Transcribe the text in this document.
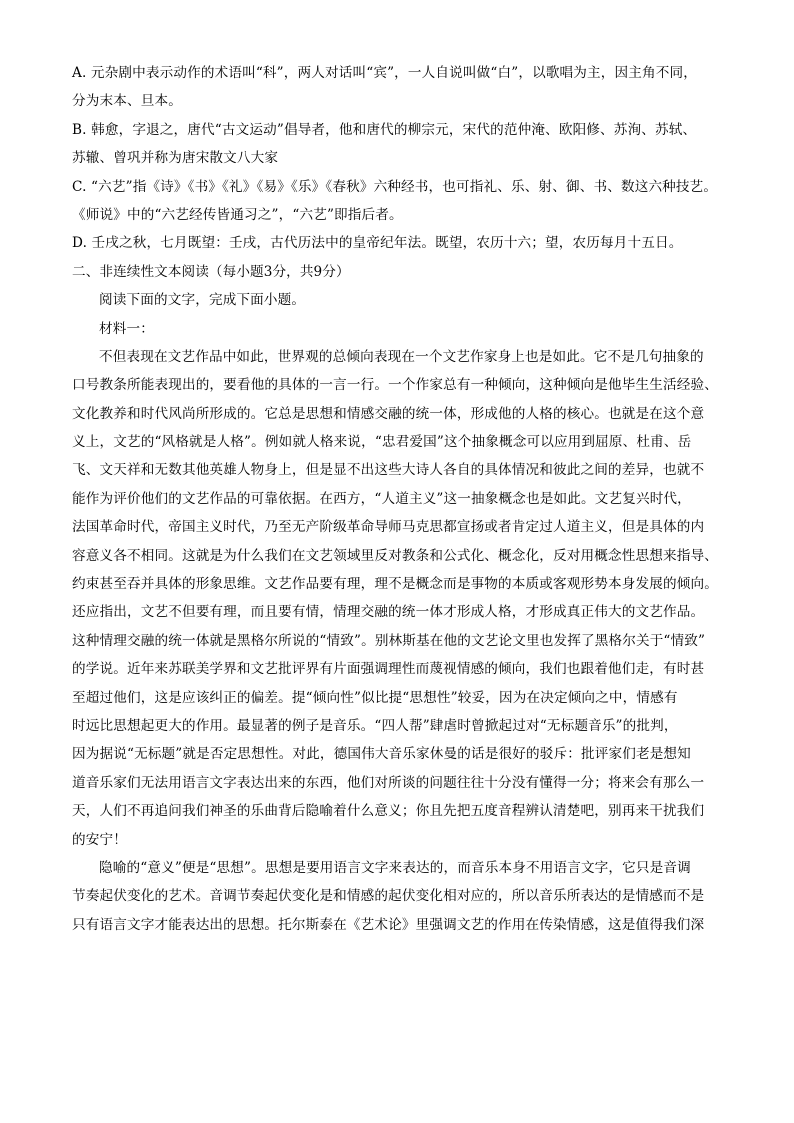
A. 元杂剧中表示动作的术语叫“科”，两人对话叫“宾”，一人自说叫做“白”，以歌唱为主，因主角不同，
分为末本、旦本。
B. 韩愈，字退之，唐代“古文运动”倡导者，他和唐代的柳宗元，宋代的范仲淹、欧阳修、苏洵、苏轼、
苏辙、曾巩并称为唐宋散文八大家
C. “六艺”指《诗》《书》《礼》《易》《乐》《春秋》六种经书，也可指礼、乐、射、御、书、数这六种技艺。
《师说》中的“六艺经传皆通习之”，“六艺”即指后者。
D. 壬戌之秋，七月既望：壬戌，古代历法中的皇帝纪年法。既望，农历十六；望，农历每月十五日。
二、非连续性文本阅读（每小题3分，共9分）
阅读下面的文字，完成下面小题。
材料一：
不但表现在文艺作品中如此，世界观的总倾向表现在一个文艺作家身上也是如此。它不是几句抽象的
口号教条所能表现出的，要看他的具体的一言一行。一个作家总有一种倾向，这种倾向是他毕生生活经验、
文化教养和时代风尚所形成的。它总是思想和情感交融的统一体，形成他的人格的核心。也就是在这个意
义上，文艺的“风格就是人格”。例如就人格来说，“忠君爱国”这个抽象概念可以应用到屈原、杜甫、岳
飞、文天祥和无数其他英雄人物身上，但是显不出这些大诗人各自的具体情况和彼此之间的差异，也就不
能作为评价他们的文艺作品的可靠依据。在西方，“人道主义”这一抽象概念也是如此。文艺复兴时代，
法国革命时代，帝国主义时代，乃至无产阶级革命导师马克思都宣扬或者肯定过人道主义，但是具体的内
容意义各不相同。这就是为什么我们在文艺领域里反对教条和公式化、概念化，反对用概念性思想来指导、
约束甚至吞并具体的形象思维。文艺作品要有理，理不是概念而是事物的本质或客观形势本身发展的倾向。
还应指出，文艺不但要有理，而且要有情，情理交融的统一体才形成人格，才形成真正伟大的文艺作品。
这种情理交融的统一体就是黑格尔所说的“情致”。别林斯基在他的文艺论文里也发挥了黑格尔关于“情致”
的学说。近年来苏联美学界和文艺批评界有片面强调理性而蔑视情感的倾向，我们也跟着他们走，有时甚
至超过他们，这是应该纠正的偏差。提“倾向性”似比提“思想性”较妥，因为在决定倾向之中，情感有
时远比思想起更大的作用。最显著的例子是音乐。“四人帮”肆虐时曾掀起过对“无标题音乐”的批判，
因为据说“无标题”就是否定思想性。对此，德国伟大音乐家休曼的话是很好的驳斥：批评家们老是想知
道音乐家们无法用语言文字表达出来的东西，他们对所谈的问题往往十分没有懂得一分；将来会有那么一
天，人们不再追问我们神圣的乐曲背后隐喻着什么意义；你且先把五度音程辨认清楚吧，别再来干扰我们
的安宁！
隐喻的“意义”便是“思想”。思想是要用语言文字来表达的，而音乐本身不用语言文字，它只是音调
节奏起伏变化的艺术。音调节奏起伏变化是和情感的起伏变化相对应的，所以音乐所表达的是情感而不是
只有语言文字才能表达出的思想。托尔斯泰在《艺术论》里强调文艺的作用在传染情感，这是值得我们深
